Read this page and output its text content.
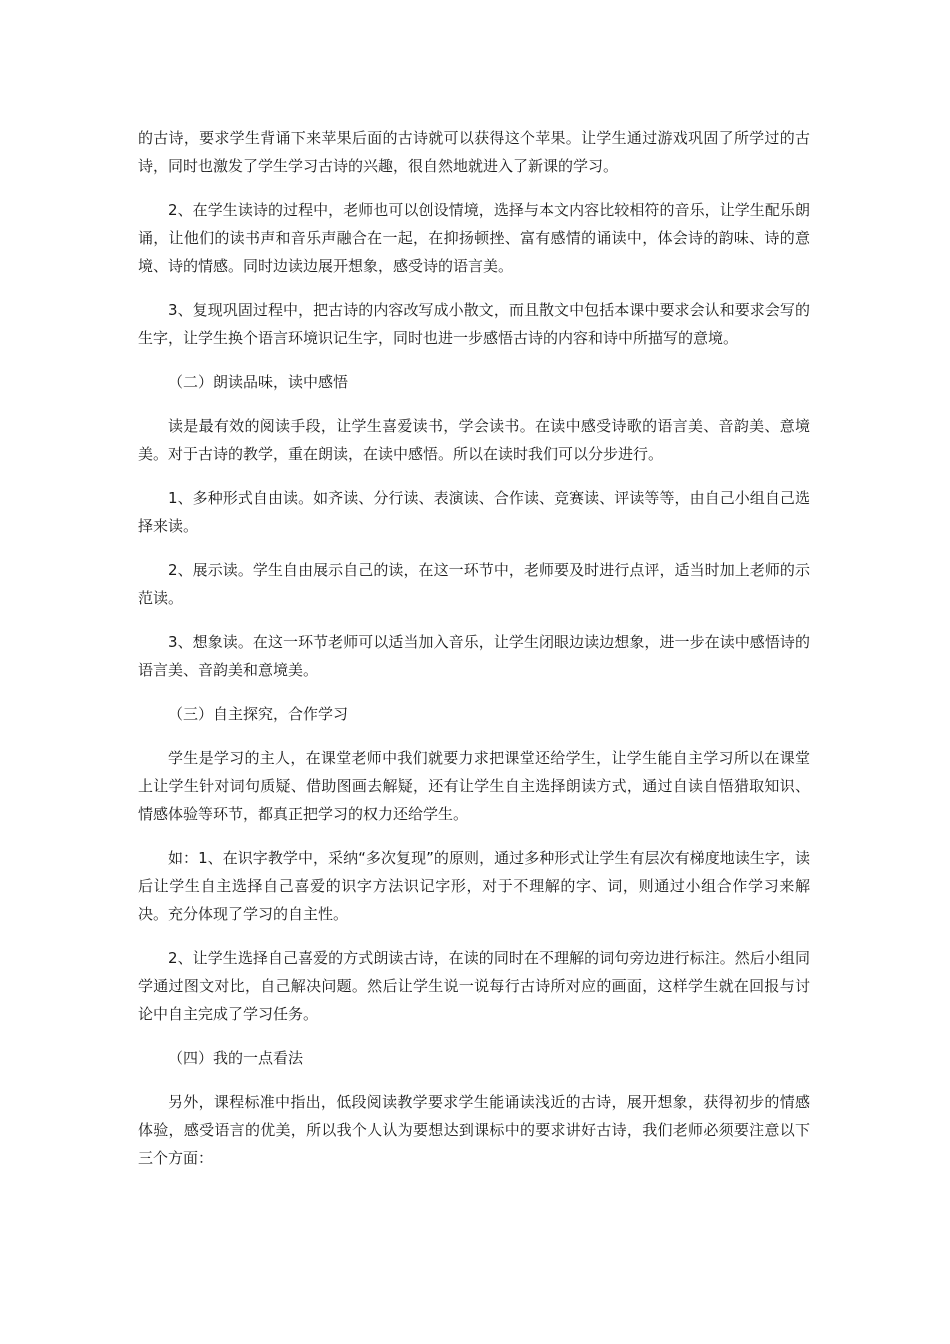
的古诗，要求学生背诵下来苹果后面的古诗就可以获得这个苹果。让学生通过游戏巩固了所学过的古诗，同时也激发了学生学习古诗的兴趣，很自然地就进入了新课的学习。

2、在学生读诗的过程中，老师也可以创设情境，选择与本文内容比较相符的音乐，让学生配乐朗诵，让他们的读书声和音乐声融合在一起，在抑扬顿挫、富有感情的诵读中，体会诗的韵味、诗的意境、诗的情感。同时边读边展开想象，感受诗的语言美。

3、复现巩固过程中，把古诗的内容改写成小散文，而且散文中包括本课中要求会认和要求会写的生字，让学生换个语言环境识记生字，同时也进一步感悟古诗的内容和诗中所描写的意境。

（二）朗读品味，读中感悟

读是最有效的阅读手段，让学生喜爱读书，学会读书。在读中感受诗歌的语言美、音韵美、意境美。对于古诗的教学，重在朗读，在读中感悟。所以在读时我们可以分步进行。

1、多种形式自由读。如齐读、分行读、表演读、合作读、竞赛读、评读等等，由自己小组自己选择来读。

2、展示读。学生自由展示自己的读，在这一环节中，老师要及时进行点评，适当时加上老师的示范读。

3、想象读。在这一环节老师可以适当加入音乐，让学生闭眼边读边想象，进一步在读中感悟诗的语言美、音韵美和意境美。

（三）自主探究，合作学习

学生是学习的主人，在课堂老师中我们就要力求把课堂还给学生，让学生能自主学习所以在课堂上让学生针对词句质疑、借助图画去解疑，还有让学生自主选择朗读方式，通过自读自悟猎取知识、情感体验等环节，都真正把学习的权力还给学生。

如：1、在识字教学中，采纳“多次复现”的原则，通过多种形式让学生有层次有梯度地读生字，读后让学生自主选择自己喜爱的识字方法识记字形，对于不理解的字、词，则通过小组合作学习来解决。充分体现了学习的自主性。

2、让学生选择自己喜爱的方式朗读古诗，在读的同时在不理解的词句旁边进行标注。然后小组同学通过图文对比，自己解决问题。然后让学生说一说每行古诗所对应的画面，这样学生就在回报与讨论中自主完成了学习任务。

（四）我的一点看法

另外，课程标准中指出，低段阅读教学要求学生能诵读浅近的古诗，展开想象，获得初步的情感体验，感受语言的优美，所以我个人认为要想达到课标中的要求讲好古诗，我们老师必须要注意以下三个方面：
